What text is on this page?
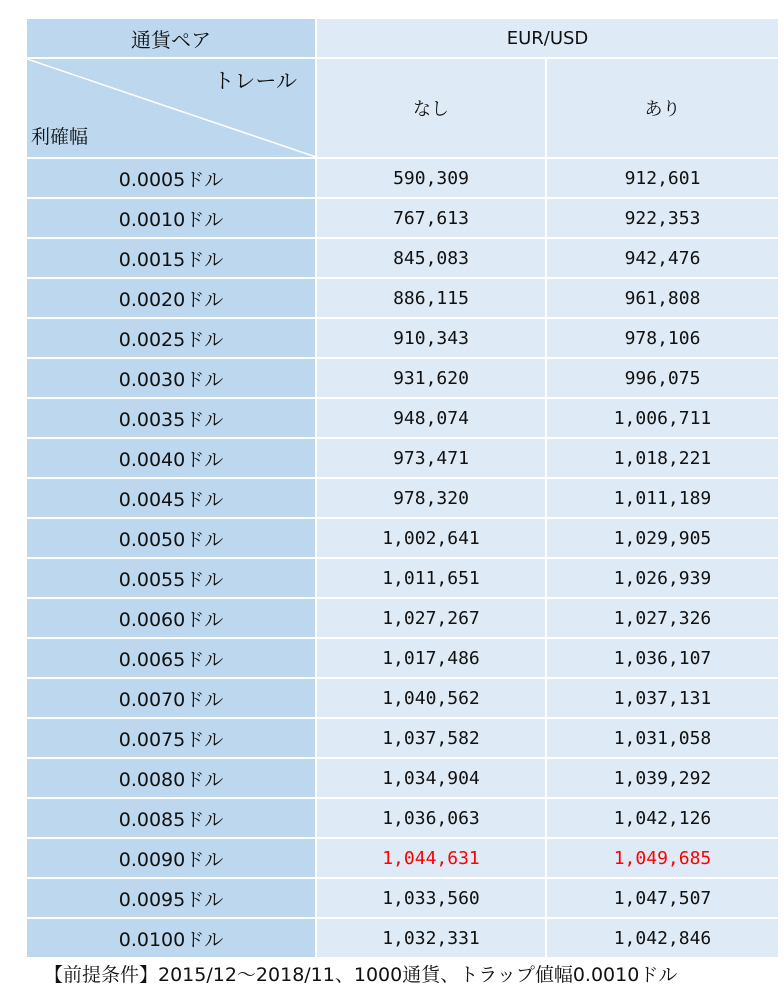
通貨ペア	EUR/USD	

トレール
利確幅	なし	あり
0.0005ドル	590,309	912,601
0.0010ドル	767,613	922,353
0.0015ドル	845,083	942,476
0.0020ドル	886,115	961,808
0.0025ドル	910,343	978,106
0.0030ドル	931,620	996,075
0.0035ドル	948,074	1,006,711
0.0040ドル	973,471	1,018,221
0.0045ドル	978,320	1,011,189
0.0050ドル	1,002,641	1,029,905
0.0055ドル	1,011,651	1,026,939
0.0060ドル	1,027,267	1,027,326
0.0065ドル	1,017,486	1,036,107
0.0070ドル	1,040,562	1,037,131
0.0075ドル	1,037,582	1,031,058
0.0080ドル	1,034,904	1,039,292
0.0085ドル	1,036,063	1,042,126
0.0090ドル	1,044,631	1,049,685
0.0095ドル	1,033,560	1,047,507
0.0100ドル	1,032,331	1,042,846
【前提条件】2015/12〜2018/11、1000通貨、トラップ値幅0.0010ドル
